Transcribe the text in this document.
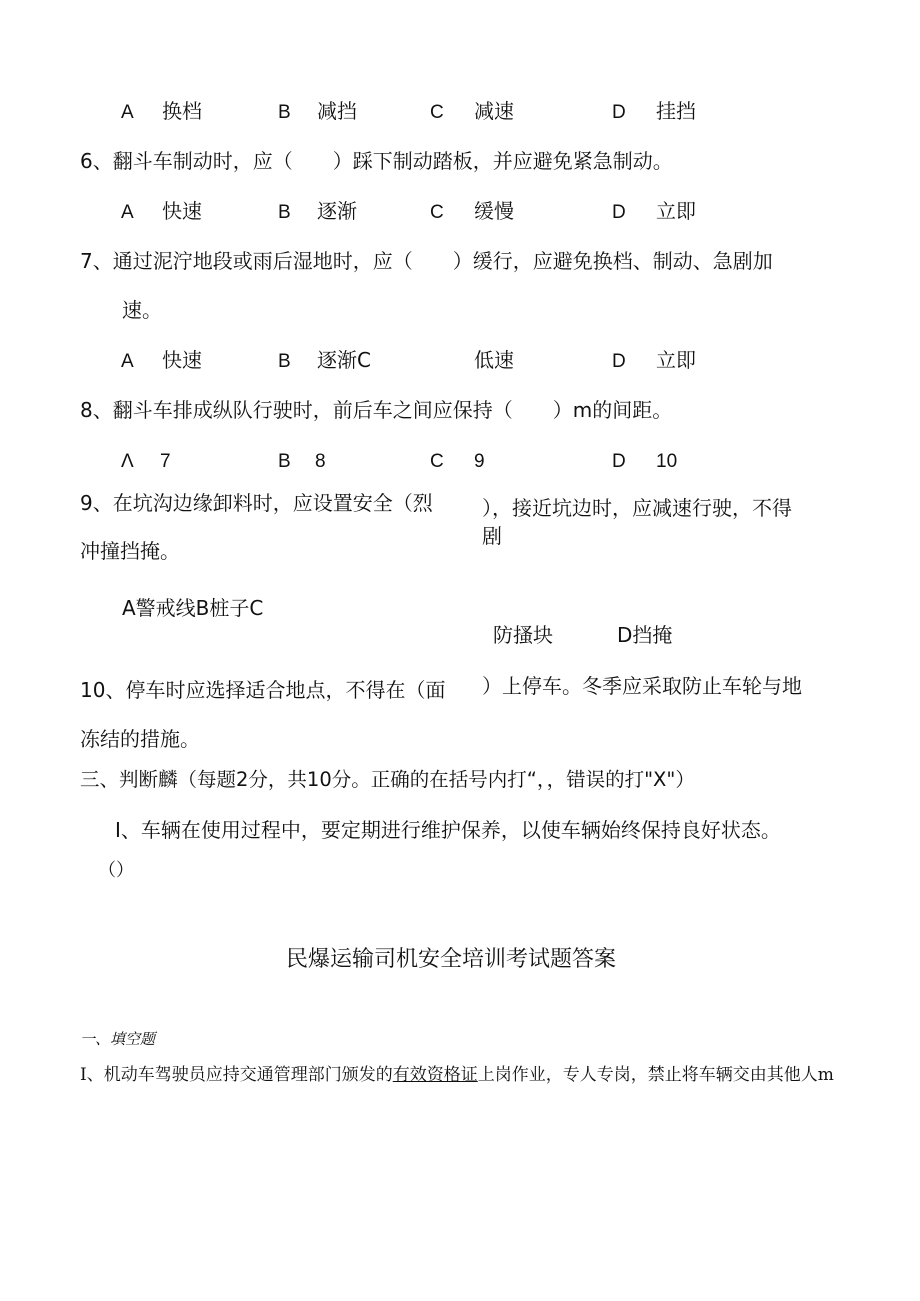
A 换档	B 减挡	C 减速	D 挂挡
6、翻斗车制动时，应（　　）踩下制动踏板，并应避免紧急制动。
A 快速	B 逐渐	C 缓慢	D 立即
7、通过泥泞地段或雨后湿地时，应（　　）缓行，应避免换档、制动、急剧加
速。
A 快速	B 逐渐C	低速	D 立即
8、翻斗车排成纵队行驶时，前后车之间应保持（　　）m的间距。
Λ 7	B 8	C 9	D 10
9、在坑沟边缘卸料时，应设置安全（烈
冲撞挡掩。
），接近坑边时，应减速行驶，不得
剧
A警戒线B桩子C
防搔块	D挡掩
10、停车时应选择适合地点，不得在（面 ）上停车。冬季应采取防止车轮与地
冻结的措施。
三、判断麟（每题2分，共10分。正确的在括号内打“，，错误的打"X"）
I、车辆在使用过程中，要定期进行维护保养，以使车辆始终保持良好状态。
（）
民爆运输司机安全培训考试题答案
一、填空题
I、机动车驾驶员应持交通管理部门颁发的有效资格证上岗作业，专人专岗，禁止将车辆交由其他人m
